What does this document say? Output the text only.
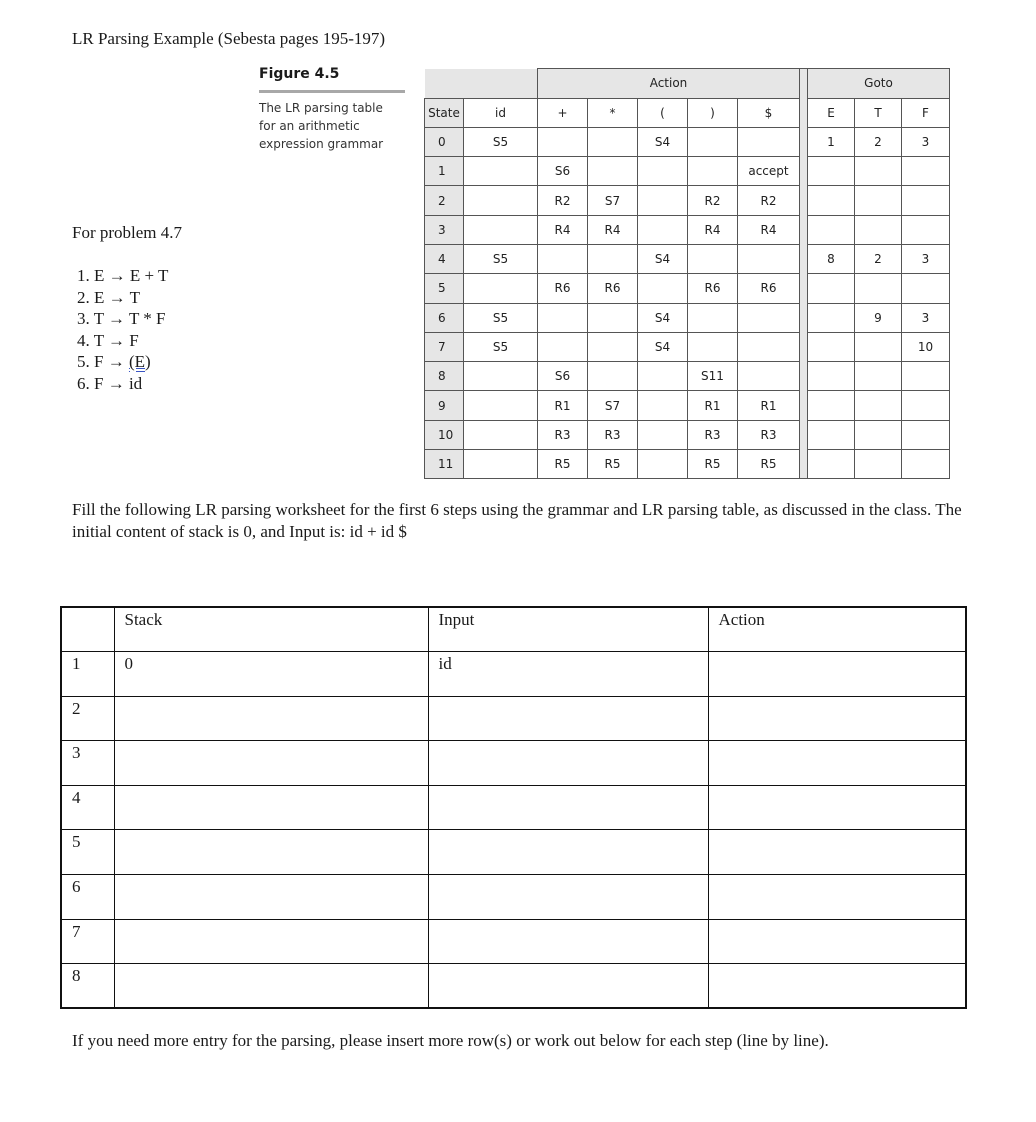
LR Parsing Example (Sebesta pages 195-197)
Figure 4.5
The LR parsing table
for an arithmetic
expression grammar
		Action						Goto		
State	id	+	*	(	)	$		E	T	F
0	S5			S4				1	2	3
1		S6				accept				
2		R2	S7		R2	R2				
3		R4	R4		R4	R4				
4	S5			S4				8	2	3
5		R6	R6		R6	R6				
6	S5			S4					9	3
7	S5			S4						10
8		S6			S11					
9		R1	S7		R1	R1				
10		R3	R3		R3	R3				
11		R5	R5		R5	R5				
For problem 4.7
1. E → E + T
2. E → T
3. T → T * F
4. T → F
5. F → (E)
6. F → id
Fill the following LR parsing worksheet for the first 6 steps using the grammar and LR parsing table, as discussed in the class. The initial content of stack is 0, and Input is: id + id $
	Stack	Input	Action
1	0	id	
2			
3			
4			
5			
6			
7			
8			
If you need more entry for the parsing, please insert more row(s) or work out below for each step (line by line).
